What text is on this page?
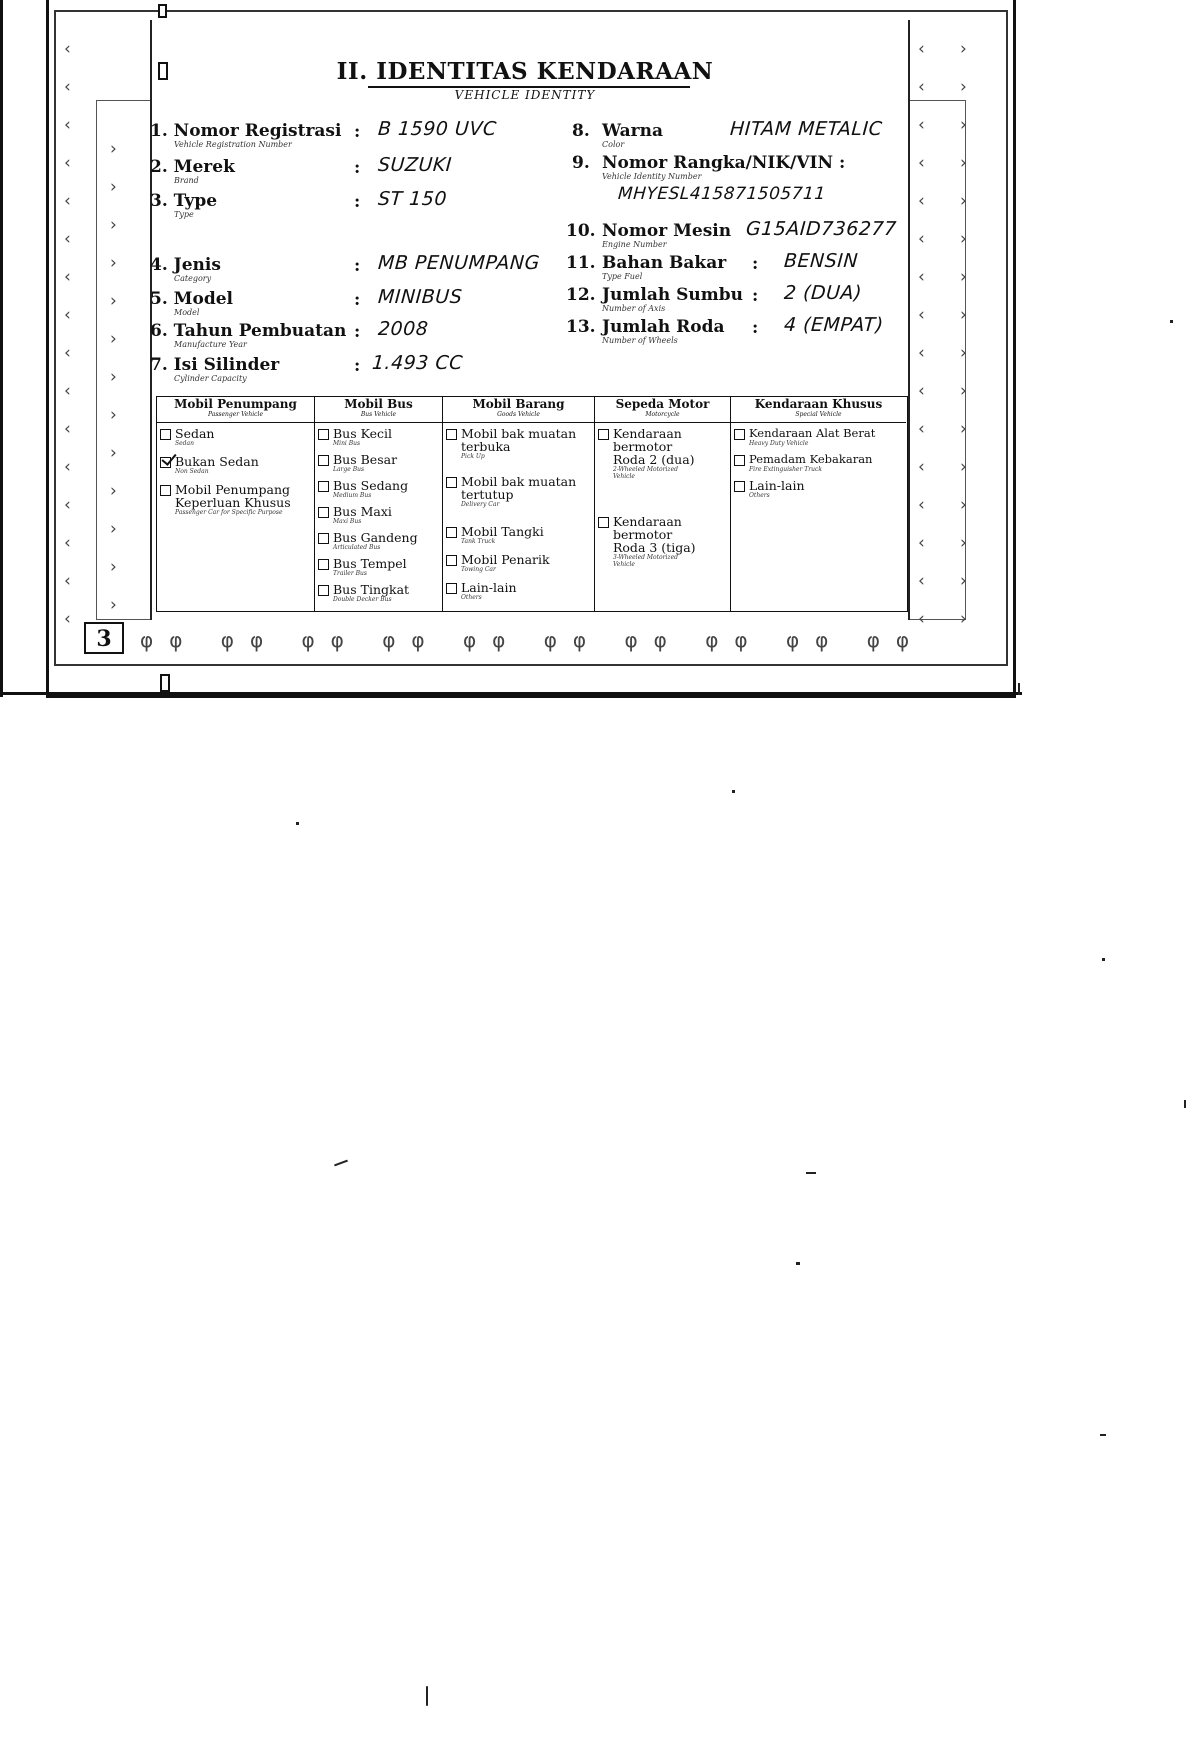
‹
‹
‹
‹
‹
‹
‹
‹
‹
‹
‹
‹
‹
‹
‹
‹
›
›
›
›
›
›
›
›
›
›
›
›
›
‹
‹
‹
‹
‹
‹
‹
‹
‹
‹
‹
‹
‹
‹
‹
‹
›
›
›
›
›
›
›
›
›
›
›
›
›
›
›
›
φφ φφ φφ φφ φφ φφ φφ φφ φφ φφ
3
II. IDENTITAS KENDARAAN
VEHICLE IDENTITY
1. Nomor Registrasi
Vehicle Registration Number
: B 1590 UVC
2. Merek
Brand
: SUZUKI
3. Type
Type
: ST 150
4. Jenis
Category
: MB PENUMPANG
5. Model
Model
: MINIBUS
6. Tahun Pembuatan
Manufacture Year
: 2008
7. Isi Silinder
Cylinder Capacity
: 1.493 CC
8. Warna
Color
HITAM METALIC
9. Nomor Rangka/NIK/VIN :
Vehicle Identity Number
MHYESL415871505711
10. Nomor Mesin
Engine Number
G15AID736277
11. Bahan Bakar
Type Fuel
: BENSIN
12. Jumlah Sumbu
Number of Axis
: 2 (DUA)
13. Jumlah Roda
Number of Wheels
: 4 (EMPAT)
Mobil Penumpang
Passenger Vehicle
Sedan
Sedan
Bukan Sedan
Non Sedan
Mobil Penumpang Keperluan Khusus
Passenger Car for Specific Purpose
Mobil Bus
Bus Vehicle
Bus Kecil
Mini Bus
Bus Besar
Large Bus
Bus Sedang
Medium Bus
Bus Maxi
Maxi Bus
Bus Gandeng
Articulated Bus
Bus Tempel
Trailer Bus
Bus Tingkat
Double Decker Bus
Mobil Barang
Goods Vehicle
Mobil bak muatan terbuka
Pick Up
Mobil bak muatan tertutup
Delivery Car
Mobil Tangki
Tank Truck
Mobil Penarik
Towing Car
Lain-lain
Others
Sepeda Motor
Motorcycle
Kendaraan bermotor Roda 2 (dua)
2-Wheeled Motorized Vehicle
Kendaraan bermotor Roda 3 (tiga)
3-Wheeled Motorized Vehicle
Kendaraan Khusus
Special Vehicle
Kendaraan Alat Berat
Heavy Duty Vehicle
Pemadam Kebakaran
Fire Extinguisher Truck
Lain-lain
Others
